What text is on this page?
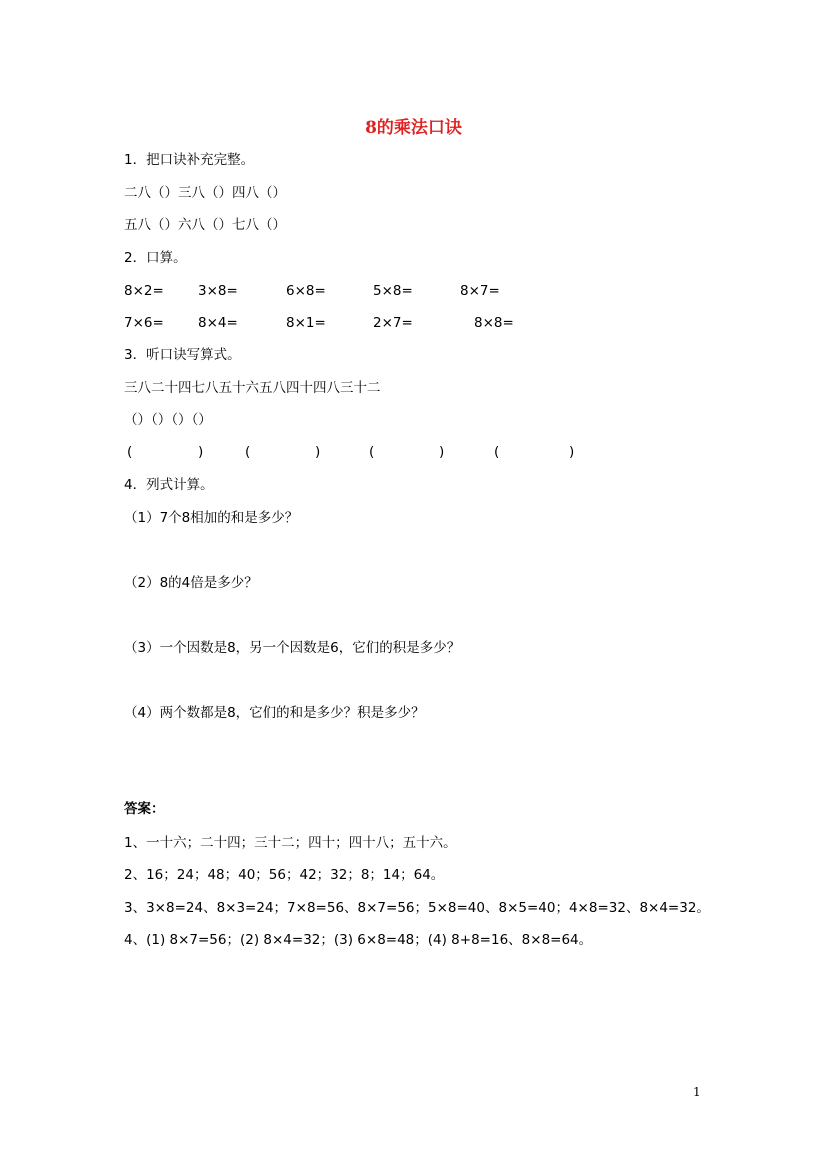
8的乘法口诀
1．把口诀补充完整。
二八（）三八（）四八（）
五八（）六八（）七八（）
2．口算。
8×2=	3×8=	6×8=	5×8=	8×7=
7×6=	8×4=	8×1=	2×7=	8×8=
3．听口诀写算式。
三八二十四七八五十六五八四十四八三十二
（）（）（）（）
(	)	(	)	(	)	(	)
4．列式计算。
（1）7个8相加的和是多少？
（2）8的4倍是多少？
（3）一个因数是8，另一个因数是6，它们的积是多少？
（4）两个数都是8，它们的和是多少？积是多少？
答案：
1、一十六；二十四；三十二；四十；四十八；五十六。
2、16；24；48；40；56；42；32；8；14；64。
3、3×8=24、8×3=24；7×8=56、8×7=56；5×8=40、8×5=40；4×8=32、8×4=32。
4、(1) 8×7=56；(2) 8×4=32；(3) 6×8=48；(4) 8+8=16、8×8=64。
1
